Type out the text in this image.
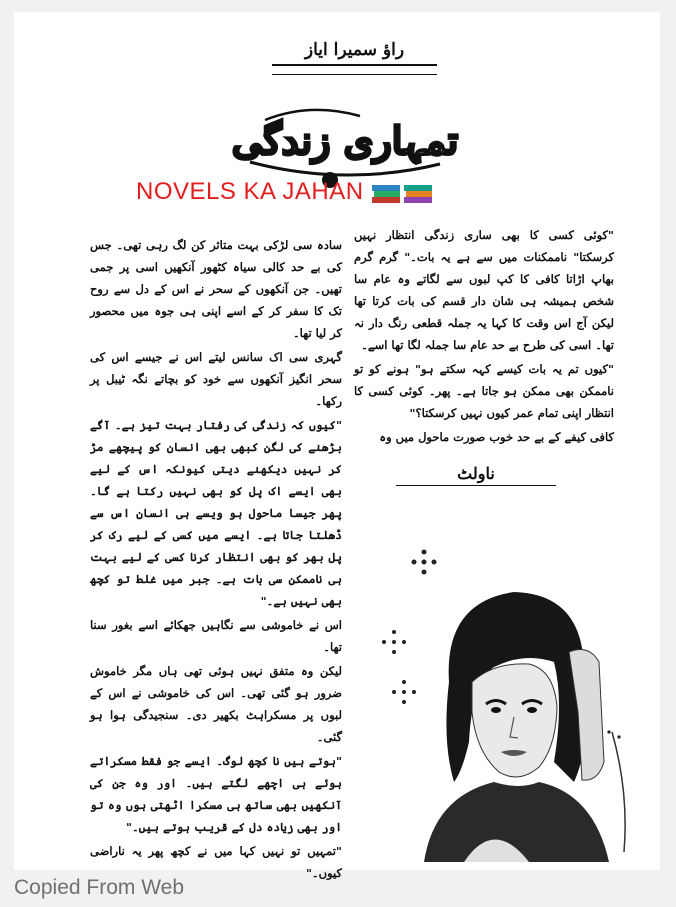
راؤ سمیرا ایاز
تمہاری زندگی
NOVELS KA JAHAN

"کوئی کسی کا بھی ساری زندگی انتظار نہیں کرسکتا" ناممکنات میں سے ہے یہ بات۔" گرم گرم بھاپ اڑاتا کافی کا کپ لبوں سے لگاتے وہ عام سا شخص ہمیشہ ہی شان دار قسم کی بات کرتا تھا لیکن آج اس وقت کا کہا یہ جملہ قطعی رنگ دار نہ تھا۔ اسی کی طرح بے حد عام سا جملہ لگا تھا اسے۔

"کیوں تم یہ بات کیسے کہہ سکتے ہو" ہونے کو تو ناممکن بھی ممکن ہو جاتا ہے۔ پھر۔ کوئی کسی کا انتظار اپنی تمام عمر کیوں نہیں کرسکتا؟"

کافی کیفے کے بے حد خوب صورت ماحول میں وہ

ناولٹ

سادہ سی لڑکی بہت متاثر کن لگ رہی تھی۔ جس کی بے حد کالی سیاہ کٹھور آنکھیں اسی پر جمی تھیں۔ جن آنکھوں کے سحر نے اس کے دل سے روح تک کا سفر کر کے اسے اپنی ہی جوہ میں محصور کر لیا تھا۔

گہری سی اک سانس لیتے اس نے جیسے اس کی سحر انگیز آنکھوں سے خود کو بچاتے نگہ ٹیبل پر رکھا۔

"کیوں کہ زندگی کی رفتار بہت تیز ہے۔ آگے بڑھنے کی لگن کبھی بھی انسان کو پیچھے مڑ کر نہیں دیکھنے دیتی کیونکہ اس کے لیے بھی ایسے اک پل کو بھی نہیں رکتا ہے گا۔ پھر جیسا ماحول ہو ویسے ہی انسان اس سے ڈھلتا جاتا ہے۔ ایسے میں کسی کے لیے رک کر پل بھر کو بھی انتظار کرنا کسی کے لیے بہت ہی ناممکن سی بات ہے۔ جبر میں غلط تو کچھ بھی نہیں ہے۔"

اس نے خاموشی سے نگاہیں جھکائے اسے بغور سنا تھا۔

لیکن وہ متفق نہیں ہوئی تھی ہاں مگر خاموش ضرور ہو گئی تھی۔ اس کی خاموشی نے اس کے لبوں پر مسکراہٹ بکھیر دی۔ سنجیدگی ہوا ہو گئی۔

"ہوتے ہیں نا کچھ لوگ۔ ایسے جو فقط مسکراتے ہوئے ہی اچھے لگتے ہیں۔ اور وہ جن کی آنکھیں بھی ساتھ ہی مسکرا اٹھتی ہوں وہ تو اور بھی زیادہ دل کے قریب ہوتے ہیں۔"

"تمہیں تو نہیں کہا میں نے کچھ پھر یہ ناراضی کیوں۔"

Copied From Web
